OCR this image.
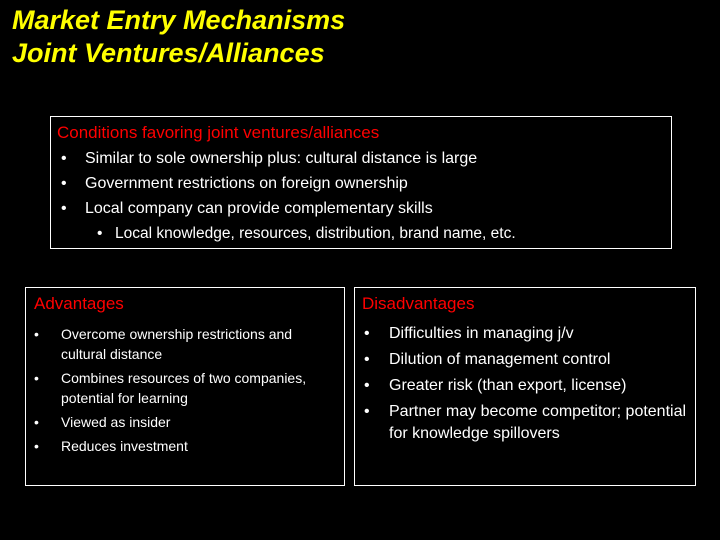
Market Entry Mechanisms
Joint Ventures/Alliances
Conditions favoring joint ventures/alliances
• Similar to sole ownership plus: cultural distance is large
• Government restrictions on foreign ownership
• Local company can provide complementary skills
• Local knowledge, resources, distribution, brand name, etc.
Advantages
• Overcome ownership restrictions and cultural distance
• Combines resources of two companies, potential for learning
• Viewed as insider
• Reduces investment
Disadvantages
• Difficulties in managing j/v
• Dilution of management control
• Greater risk (than export, license)
• Partner may become competitor; potential for knowledge spillovers
